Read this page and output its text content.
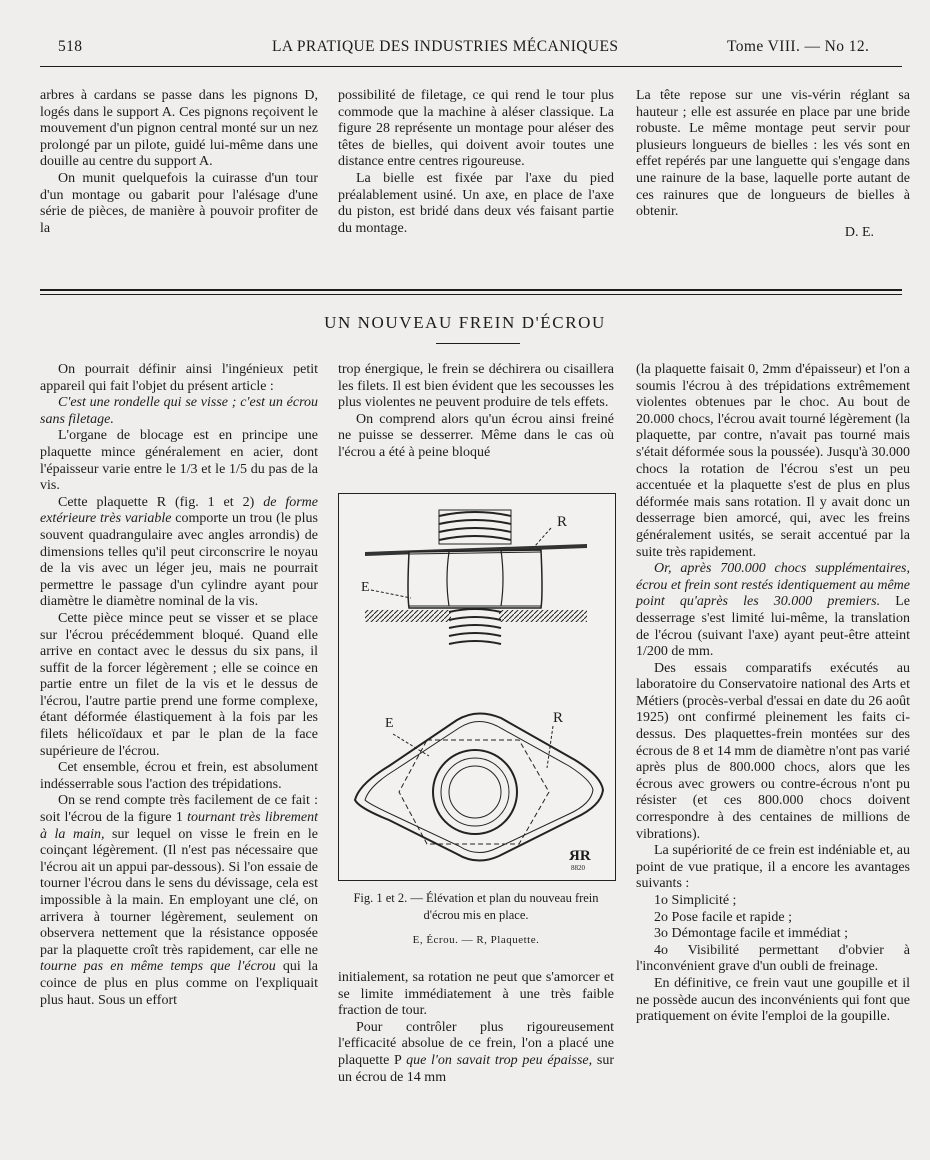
518	LA PRATIQUE DES INDUSTRIES MÉCANIQUES	Tome VIII. — No 12.

arbres à cardans se passe dans les pignons D, logés dans le support A. Ces pignons reçoivent le mouvement d'un pignon central monté sur un nez prolongé par un pilote, guidé lui-même dans une douille au centre du support A.

On munit quelquefois la cuirasse d'un tour d'un montage ou gabarit pour l'alésage d'une série de pièces, de manière à pouvoir profiter de la

possibilité de filetage, ce qui rend le tour plus commode que la machine à aléser classique. La figure 28 représente un montage pour aléser des têtes de bielles, qui doivent avoir toutes une distance entre centres rigoureuse.

La bielle est fixée par l'axe du pied préalablement usiné. Un axe, en place de l'axe du piston, est bridé dans deux vés faisant partie du montage.

La tête repose sur une vis-vérin réglant sa hauteur ; elle est assurée en place par une bride robuste. Le même montage peut servir pour plusieurs longueurs de bielles : les vés sont en effet repérés par une languette qui s'engage dans une rainure de la base, laquelle porte autant de ces rainures que de longueurs de bielles à obtenir.

D. E.

UN NOUVEAU FREIN D'ÉCROU

On pourrait définir ainsi l'ingénieux petit appareil qui fait l'objet du présent article :

C'est une rondelle qui se visse ; c'est un écrou sans filetage.

L'organe de blocage est en principe une plaquette mince généralement en acier, dont l'épaisseur varie entre le 1/3 et le 1/5 du pas de la vis.

Cette plaquette R (fig. 1 et 2) de forme extérieure très variable comporte un trou (le plus souvent quadrangulaire avec angles arrondis) de dimensions telles qu'il peut circonscrire le noyau de la vis avec un léger jeu, mais ne pourrait permettre le passage d'un cylindre ayant pour diamètre le diamètre nominal de la vis.

Cette pièce mince peut se visser et se place sur l'écrou précédemment bloqué. Quand elle arrive en contact avec le dessus du six pans, il suffit de la forcer légèrement ; elle se coince en partie entre un filet de la vis et le dessus de l'écrou, l'autre partie prend une forme complexe, étant déformée élastiquement à la fois par les filets hélicoïdaux et par le plan de la face supérieure de l'écrou.

Cet ensemble, écrou et frein, est absolument indésserrable sous l'action des trépidations.

On se rend compte très facilement de ce fait : soit l'écrou de la figure 1 tournant très librement à la main, sur lequel on visse le frein en le coinçant légèrement. (Il n'est pas nécessaire que l'écrou ait un appui par-dessous). Si l'on essaie de tourner l'écrou dans le sens du dévissage, cela est impossible à la main. En employant une clé, on arrivera à tourner légèrement, seulement on observera nettement que la résistance opposée par la plaquette croît très rapidement, car elle ne tourne pas en même temps que l'écrou qui la coince de plus en plus comme on l'expliquait plus haut. Sous un effort

trop énergique, le frein se déchirera ou cisaillera les filets. Il est bien évident que les secousses les plus violentes ne peuvent produire de tels effets.

On comprend alors qu'un écrou ainsi freiné ne puisse se desserrer. Même dans le cas où l'écrou a été à peine bloqué

R
E
E	R
ЯR
8820
Fig. 1 et 2. — Élévation et plan du nouveau frein d'écrou mis en place.
E, Écrou. — R, Plaquette.

initialement, sa rotation ne peut que s'amorcer et se limite immédiatement à une très faible fraction de tour.

Pour contrôler plus rigoureusement l'efficacité absolue de ce frein, l'on a placé une plaquette P que l'on savait trop peu épaisse, sur un écrou de 14 mm

(la plaquette faisait 0, 2mm d'épaisseur) et l'on a soumis l'écrou à des trépidations extrêmement violentes obtenues par le choc. Au bout de 20.000 chocs, l'écrou avait tourné légèrement (la plaquette, par contre, n'avait pas tourné mais s'était déformée sous la poussée). Jusqu'à 30.000 chocs la rotation de l'écrou s'est un peu accentuée et la plaquette s'est de plus en plus déformée mais sans rotation. Il y avait donc un desserrage bien amorcé, qui, avec les freins généralement usités, se serait accentué par la suite très rapidement.

Or, après 700.000 chocs supplémentaires, écrou et frein sont restés identiquement au même point qu'après les 30.000 premiers. Le desserrage s'est limité lui-même, la translation de l'écrou (suivant l'axe) ayant peut-être atteint 1/200 de mm.

Des essais comparatifs exécutés au laboratoire du Conservatoire national des Arts et Métiers (procès-verbal d'essai en date du 26 août 1925) ont confirmé pleinement les faits ci-dessus. Des plaquettes-frein montées sur des écrous de 8 et 14 mm de diamètre n'ont pas varié après plus de 800.000 chocs, alors que les écrous avec growers ou contre-écrous n'ont pu résister (et ces 800.000 chocs doivent correspondre à des centaines de millions de vibrations).

La supériorité de ce frein est indéniable et, au point de vue pratique, il a encore les avantages suivants :

1o Simplicité ;

2o Pose facile et rapide ;

3o Démontage facile et immédiat ;

4o Visibilité permettant d'obvier à l'inconvénient grave d'un oubli de freinage.

En définitive, ce frein vaut une goupille et il ne possède aucun des inconvénients qui font que pratiquement on évite l'emploi de la goupille.
